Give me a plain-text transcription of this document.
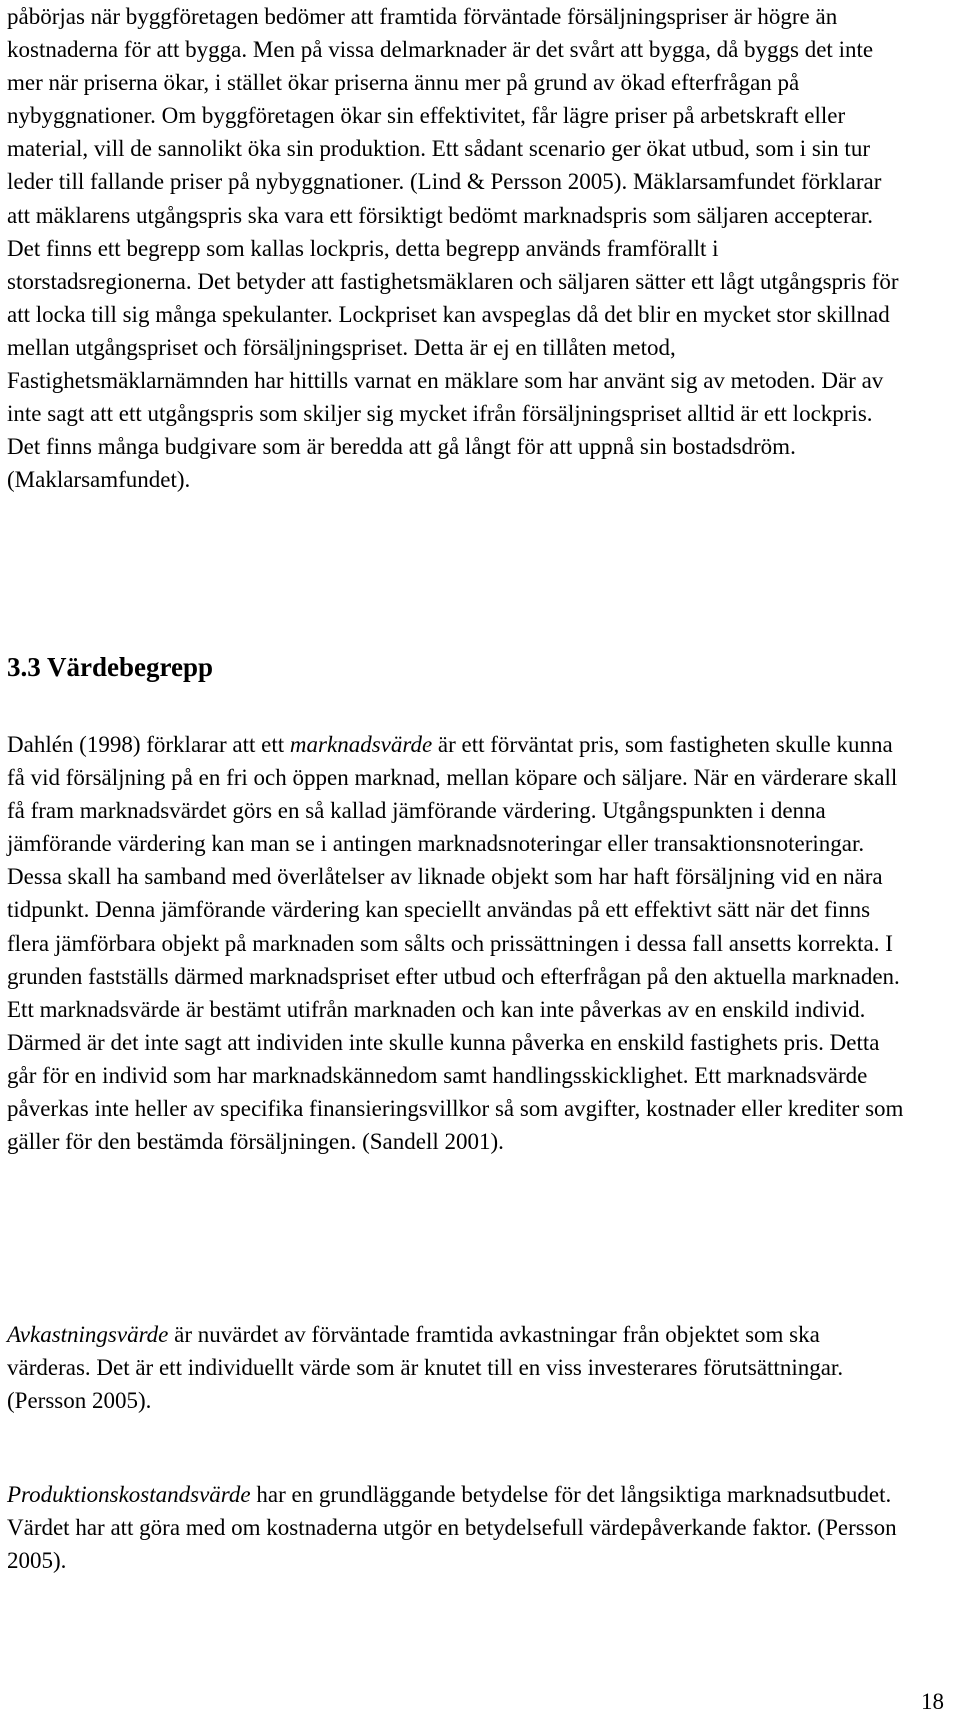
påbörjas när byggföretagen bedömer att framtida förväntade försäljningspriser är högre än kostnaderna för att bygga. Men på vissa delmarknader är det svårt att bygga, då byggs det inte mer när priserna ökar, i stället ökar priserna ännu mer på grund av ökad efterfrågan på nybyggnationer. Om byggföretagen ökar sin effektivitet, får lägre priser på arbetskraft eller material, vill de sannolikt öka sin produktion. Ett sådant scenario ger ökat utbud, som i sin tur leder till fallande priser på nybyggnationer. (Lind & Persson 2005). Mäklarsamfundet förklarar att mäklarens utgångspris ska vara ett försiktigt bedömt marknadspris som säljaren accepterar. Det finns ett begrepp som kallas lockpris, detta begrepp används framförallt i storstadsregionerna. Det betyder att fastighetsmäklaren och säljaren sätter ett lågt utgångspris för att locka till sig många spekulanter. Lockpriset kan avspeglas då det blir en mycket stor skillnad mellan utgångspriset och försäljningspriset. Detta är ej en tillåten metod, Fastighetsmäklarnämnden har hittills varnat en mäklare som har använt sig av metoden. Där av inte sagt att ett utgångspris som skiljer sig mycket ifrån försäljningspriset alltid är ett lockpris. Det finns många budgivare som är beredda att gå långt för att uppnå sin bostadsdröm. (Maklarsamfundet).

3.3 Värdebegrepp

Dahlén (1998) förklarar att ett marknadsvärde är ett förväntat pris, som fastigheten skulle kunna få vid försäljning på en fri och öppen marknad, mellan köpare och säljare. När en värderare skall få fram marknadsvärdet görs en så kallad jämförande värdering. Utgångspunkten i denna jämförande värdering kan man se i antingen marknadsnoteringar eller transaktionsnoteringar. Dessa skall ha samband med överlåtelser av liknade objekt som har haft försäljning vid en nära tidpunkt. Denna jämförande värdering kan speciellt användas på ett effektivt sätt när det finns flera jämförbara objekt på marknaden som sålts och prissättningen i dessa fall ansetts korrekta. I grunden fastställs därmed marknadspriset efter utbud och efterfrågan på den aktuella marknaden. Ett marknadsvärde är bestämt utifrån marknaden och kan inte påverkas av en enskild individ. Därmed är det inte sagt att individen inte skulle kunna påverka en enskild fastighets pris. Detta går för en individ som har marknadskännedom samt handlingsskicklighet. Ett marknadsvärde påverkas inte heller av specifika finansieringsvillkor så som avgifter, kostnader eller krediter som gäller för den bestämda försäljningen. (Sandell 2001).

Avkastningsvärde är nuvärdet av förväntade framtida avkastningar från objektet som ska värderas. Det är ett individuellt värde som är knutet till en viss investerares förutsättningar.
(Persson 2005).

Produktionskostandsvärde har en grundläggande betydelse för det långsiktiga marknadsutbudet. Värdet har att göra med om kostnaderna utgör en betydelsefull värdepåverkande faktor. (Persson 2005).

18
